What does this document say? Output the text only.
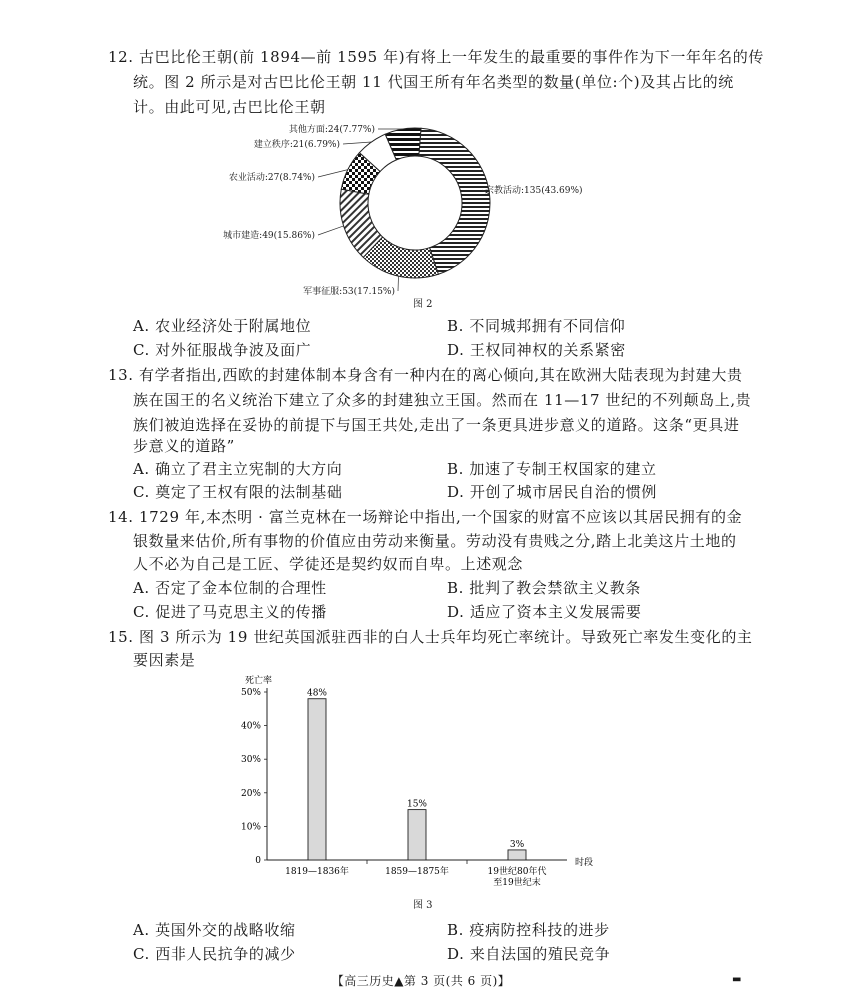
12. 古巴比伦王朝(前 1894—前 1595 年)有将上一年发生的最重要的事件作为下一年年名的传
统。图 2 所示是对古巴比伦王朝 11 代国王所有年名类型的数量(单位:个)及其占比的统
计。由此可见,古巴比伦王朝
宗教活动:135(43.69%)
军事征服:53(17.15%)
城市建造:49(15.86%)
农业活动:27(8.74%)
建立秩序:21(6.79%)
其他方面:24(7.77%)
图 2
A. 农业经济处于附属地位	B. 不同城邦拥有不同信仰
C. 对外征服战争波及面广	D. 王权同神权的关系紧密
13. 有学者指出,西欧的封建体制本身含有一种内在的离心倾向,其在欧洲大陆表现为封建大贵
族在国王的名义统治下建立了众多的封建独立王国。然而在 11—17 世纪的不列颠岛上,贵
族们被迫选择在妥协的前提下与国王共处,走出了一条更具进步意义的道路。这条“更具进
步意义的道路”
A. 确立了君主立宪制的大方向	B. 加速了专制王权国家的建立
C. 奠定了王权有限的法制基础	D. 开创了城市居民自治的惯例
14. 1729 年,本杰明 · 富兰克林在一场辩论中指出,一个国家的财富不应该以其居民拥有的金
银数量来估价,所有事物的价值应由劳动来衡量。劳动没有贵贱之分,踏上北美这片土地的
人不必为自己是工匠、学徒还是契约奴而自卑。上述观念
A. 否定了金本位制的合理性	B. 批判了教会禁欲主义教条
C. 促进了马克思主义的传播	D. 适应了资本主义发展需要
15. 图 3 所示为 19 世纪英国派驻西非的白人士兵年均死亡率统计。导致死亡率发生变化的主
要因素是
死亡率
时段
0
10%
20%
30%
40%
50%	48%
15%
3%
1819—1836年	1859—1875年	19世纪80年代
至19世纪末
图 3
A. 英国外交的战略收缩	B. 疫病防控科技的进步
C. 西非人民抗争的减少	D. 来自法国的殖民竞争
【高三历史▲第 3 页(共 6 页)】	▬
